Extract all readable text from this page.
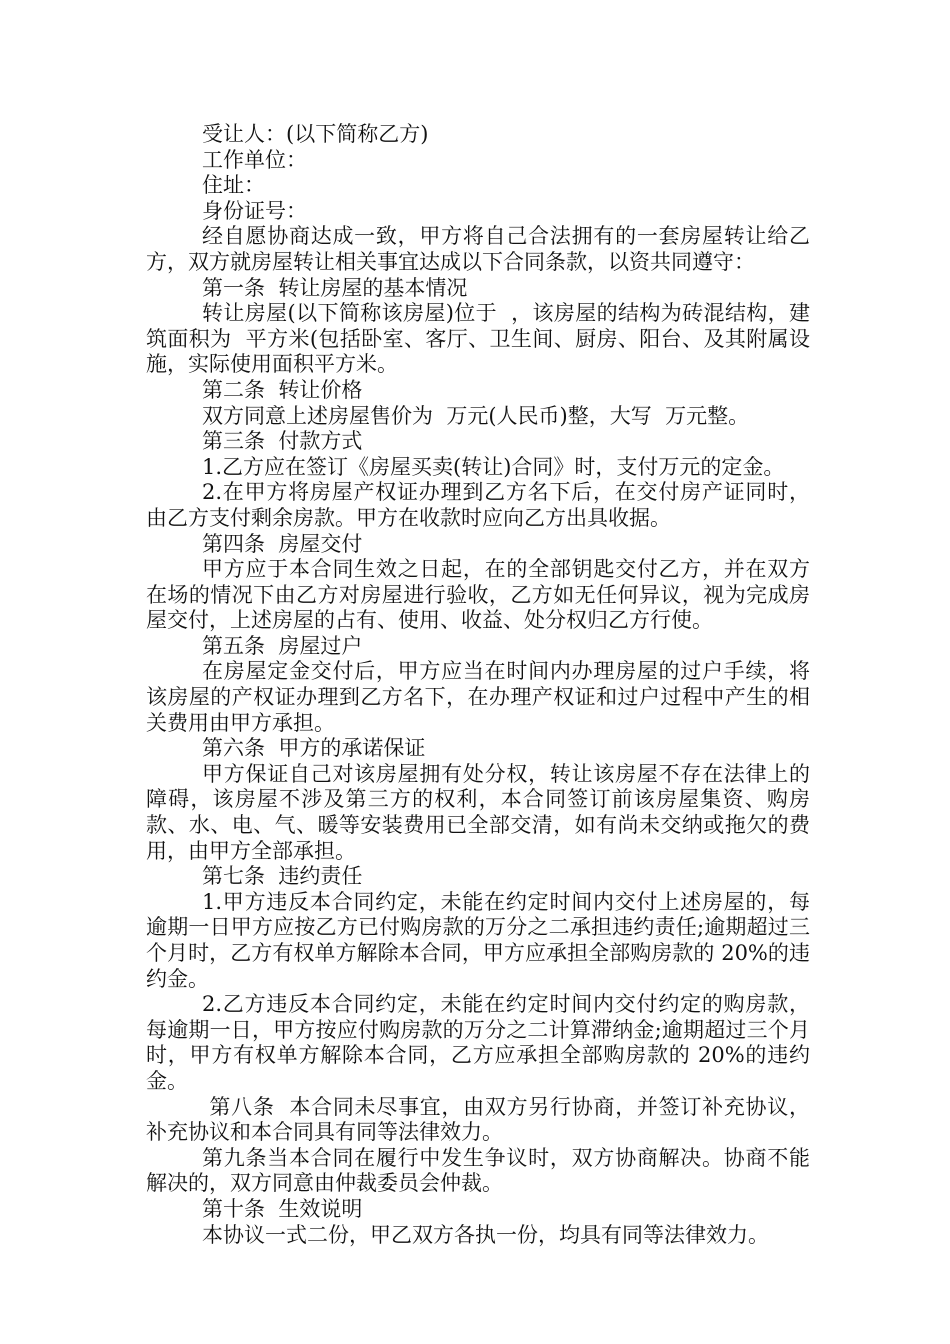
受让人：(以下简称乙方)
工作单位：
住址：
身份证号：
经自愿协商达成一致，甲方将自己合法拥有的一套房屋转让给乙方，双方就房屋转让相关事宜达成以下合同条款，以资共同遵守：
第一条  转让房屋的基本情况
转让房屋(以下简称该房屋)位于  ，该房屋的结构为砖混结构，建筑面积为  平方米(包括卧室、客厅、卫生间、厨房、阳台、及其附属设施，实际使用面积平方米。
第二条  转让价格
双方同意上述房屋售价为  万元(人民币)整，大写  万元整。
第三条  付款方式
1.乙方应在签订《房屋买卖(转让)合同》时，支付万元的定金。
2.在甲方将房屋产权证办理到乙方名下后，在交付房产证同时，由乙方支付剩余房款。甲方在收款时应向乙方出具收据。
第四条  房屋交付
甲方应于本合同生效之日起，在的全部钥匙交付乙方，并在双方在场的情况下由乙方对房屋进行验收，乙方如无任何异议，视为完成房屋交付，上述房屋的占有、使用、收益、处分权归乙方行使。
第五条  房屋过户
在房屋定金交付后，甲方应当在时间内办理房屋的过户手续，将该房屋的产权证办理到乙方名下，在办理产权证和过户过程中产生的相关费用由甲方承担。
第六条  甲方的承诺保证
甲方保证自己对该房屋拥有处分权，转让该房屋不存在法律上的障碍，该房屋不涉及第三方的权利，本合同签订前该房屋集资、购房款、水、电、气、暖等安装费用已全部交清，如有尚未交纳或拖欠的费用，由甲方全部承担。
第七条  违约责任
1.甲方违反本合同约定，未能在约定时间内交付上述房屋的，每逾期一日甲方应按乙方已付购房款的万分之二承担违约责任;逾期超过三个月时，乙方有权单方解除本合同，甲方应承担全部购房款的 20%的违约金。
2.乙方违反本合同约定，未能在约定时间内交付约定的购房款，每逾期一日，甲方按应付购房款的万分之二计算滞纳金;逾期超过三个月时，甲方有权单方解除本合同，乙方应承担全部购房款的 20%的违约金。
第八条  本合同未尽事宜，由双方另行协商，并签订补充协议，补充协议和本合同具有同等法律效力。
第九条当本合同在履行中发生争议时，双方协商解决。协商不能解决的，双方同意由仲裁委员会仲裁。
第十条  生效说明
本协议一式二份，甲乙双方各执一份，均具有同等法律效力。
